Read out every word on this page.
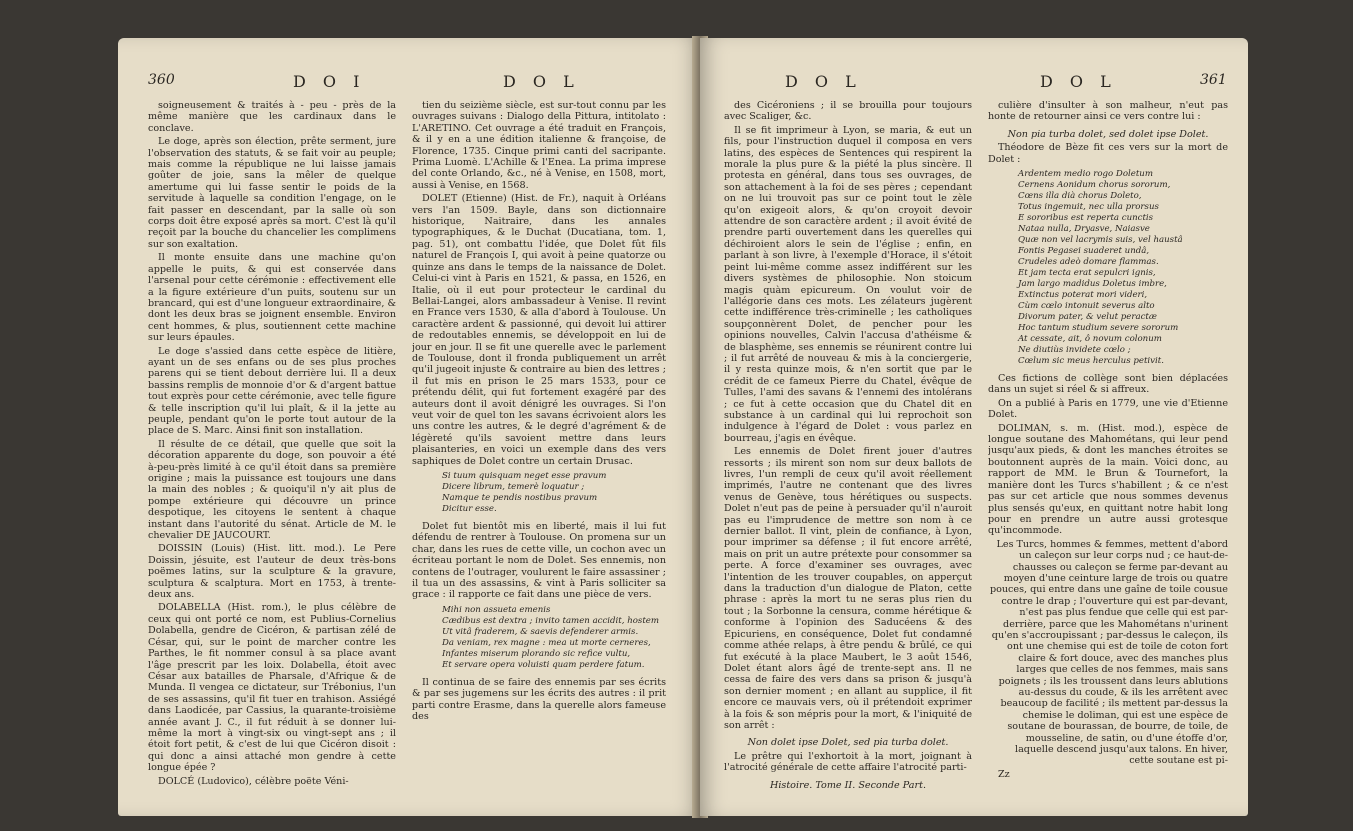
360	D O I	D O L

soigneusement & traités à - peu - près de la même manière que les cardinaux dans le conclave.

Le doge, après son élection, prête serment, jure l'observation des statuts, & se fait voir au peuple; mais comme la république ne lui laisse jamais goûter de joie, sans la mêler de quelque amertume qui lui fasse sentir le poids de la servitude à laquelle sa condition l'engage, on le fait passer en descendant, par la salle où son corps doit être exposé après sa mort. C'est là qu'il reçoit par la bouche du chancelier les complimens sur son exaltation.

Il monte ensuite dans une machine qu'on appelle le puits, & qui est conservée dans l'arsenal pour cette cérémonie : effectivement elle a la figure extérieure d'un puits, soutenu sur un brancard, qui est d'une longueur extraordinaire, & dont les deux bras se joignent ensemble. Environ cent hommes, & plus, soutiennent cette machine sur leurs épaules.

Le doge s'assied dans cette espèce de litière, ayant un de ses enfans ou de ses plus proches parens qui se tient debout derrière lui. Il a deux bassins remplis de monnoie d'or & d'argent battue tout exprès pour cette cérémonie, avec telle figure & telle inscription qu'il lui plaît, & il la jette au peuple, pendant qu'on le porte tout autour de la place de S. Marc. Ainsi finit son installation.

Il résulte de ce détail, que quelle que soit la décoration apparente du doge, son pouvoir a été à-peu-près limité à ce qu'il étoit dans sa première origine ; mais la puissance est toujours une dans la main des nobles ; & quoiqu'il n'y ait plus de pompe extérieure qui découvre un prince despotique, les citoyens le sentent à chaque instant dans l'autorité du sénat. Article de M. le chevalier DE JAUCOURT.

DOISSIN (Louis) (Hist. litt. mod.). Le Pere Doissin, jésuite, est l'auteur de deux très-bons poëmes latins, sur la sculpture & la gravure, sculptura & scalptura. Mort en 1753, à trente-deux ans.

DOLABELLA (Hist. rom.), le plus célèbre de ceux qui ont porté ce nom, est Publius-Cornelius Dolabella, gendre de Cicéron, & partisan zélé de César, qui, sur le point de marcher contre les Parthes, le fit nommer consul à sa place avant l'âge prescrit par les loix. Dolabella, étoit avec César aux batailles de Pharsale, d'Afrique & de Munda. Il vengea ce dictateur, sur Trébonius, l'un de ses assassins, qu'il fit tuer en trahison. Assiégé dans Laodicée, par Cassius, la quarante-troisième année avant J. C., il fut réduit à se donner lui-même la mort à vingt-six ou vingt-sept ans ; il étoit fort petit, & c'est de lui que Cicéron disoit : qui donc a ainsi attaché mon gendre à cette longue épée ?

DOLCÉ (Ludovico), célèbre poëte Véni-

tien du seizième siècle, est sur-tout connu par les ouvrages suivans : Dialogo della Pittura, intitolato : L'ARETINO. Cet ouvrage a été traduit en François, & il y en a une édition italienne & françoise, de Florence, 1735. Cinque primi canti del sacripante. Prima Luomè. L'Achille & l'Enea. La prima imprese del conte Orlando, &c., né à Venise, en 1508, mort, aussi à Venise, en 1568.

DOLET (Etienne) (Hist. de Fr.), naquit à Orléans vers l'an 1509. Bayle, dans son dictionnaire historique, Naitraire, dans les annales typographiques, & le Duchat (Ducatiana, tom. 1, pag. 51), ont combattu l'idée, que Dolet fût fils naturel de François I, qui avoit à peine quatorze ou quinze ans dans le temps de la naissance de Dolet. Celui-ci vint à Paris en 1521, & passa, en 1526, en Italie, où il eut pour protecteur le cardinal du Bellai-Langei, alors ambassadeur à Venise. Il revint en France vers 1530, & alla d'abord à Toulouse. Un caractère ardent & passionné, qui devoit lui attirer de redoutables ennemis, se développoit en lui de jour en jour. Il se fit une querelle avec le parlement de Toulouse, dont il fronda publiquement un arrêt qu'il jugeoit injuste & contraire au bien des lettres ; il fut mis en prison le 25 mars 1533, pour ce prétendu délit, qui fut fortement exagéré par des auteurs dont il avoit dénigré les ouvrages. Si l'on veut voir de quel ton les savans écrivoient alors les uns contre les autres, & le degré d'agrément & de légèreté qu'ils savoient mettre dans leurs plaisanteries, en voici un exemple dans des vers saphiques de Dolet contre un certain Drusac.

Si tuum quisquam neget esse pravum
Dicere librum, temerè loquatur ;
Namque te pendis nostibus pravum
Dicitur esse.

Dolet fut bientôt mis en liberté, mais il lui fut défendu de rentrer à Toulouse. On promena sur un char, dans les rues de cette ville, un cochon avec un écriteau portant le nom de Dolet. Ses ennemis, non contens de l'outrager, voulurent le faire assassiner ; il tua un des assassins, & vint à Paris solliciter sa grace : il rapporte ce fait dans une pièce de vers.

Mihi non assueta emenis
Cædibus est dextra ; invito tamen accidit, hostem
Ut vitâ fraderem, & saevis defenderer armis.
Da veniam, rex magne : mea ut morte cerneres,
Infantes miserum plorando sic refice vultu,
Et servare opera voluisti quam perdere fatum.

Il continua de se faire des ennemis par ses écrits & par ses jugemens sur les écrits des autres : il prit parti contre Erasme, dans la querelle alors fameuse des

D O L	D O L	361

des Cicéroniens ; il se brouilla pour toujours avec Scaliger, &c.

Il se fit imprimeur à Lyon, se maria, & eut un fils, pour l'instruction duquel il composa en vers latins, des espèces de Sentences qui respirent la morale la plus pure & la piété la plus sincère. Il protesta en général, dans tous ses ouvrages, de son attachement à la foi de ses pères ; cependant on ne lui trouvoit pas sur ce point tout le zèle qu'on exigeoit alors, & qu'on croyoit devoir attendre de son caractère ardent ; il avoit évité de prendre parti ouvertement dans les querelles qui déchiroient alors le sein de l'église ; enfin, en parlant à son livre, à l'exemple d'Horace, il s'étoit peint lui-même comme assez indifférent sur les divers systèmes de philosophie. Non stoicum magis quàm epicureum. On voulut voir de l'allégorie dans ces mots. Les zélateurs jugèrent cette indifférence très-criminelle ; les catholiques soupçonnèrent Dolet, de pencher pour les opinions nouvelles, Calvin l'accusa d'athéisme & de blasphème, ses ennemis se réunirent contre lui ; il fut arrêté de nouveau & mis à la conciergerie, il y resta quinze mois, & n'en sortit que par le crédit de ce fameux Pierre du Chatel, évêque de Tulles, l'ami des savans & l'ennemi des intolérans ; ce fut à cette occasion que du Chatel dit en substance à un cardinal qui lui reprochoit son indulgence à l'égard de Dolet : vous parlez en bourreau, j'agis en évêque.

Les ennemis de Dolet firent jouer d'autres ressorts ; ils mirent son nom sur deux ballots de livres, l'un rempli de ceux qu'il avoit réellement imprimés, l'autre ne contenant que des livres venus de Genève, tous hérétiques ou suspects. Dolet n'eut pas de peine à persuader qu'il n'auroit pas eu l'imprudence de mettre son nom à ce dernier ballot. Il vint, plein de confiance, à Lyon, pour imprimer sa défense ; il fut encore arrêté, mais on prit un autre prétexte pour consommer sa perte. A force d'examiner ses ouvrages, avec l'intention de les trouver coupables, on apperçut dans la traduction d'un dialogue de Platon, cette phrase : après la mort tu ne seras plus rien du tout ; la Sorbonne la censura, comme hérétique & conforme à l'opinion des Saducéens & des Epicuriens, en conséquence, Dolet fut condamné comme athée relaps, à être pendu & brûlé, ce qui fut exécuté à la place Maubert, le 3 août 1546, Dolet étant alors âgé de trente-sept ans. Il ne cessa de faire des vers dans sa prison & jusqu'à son dernier moment ; en allant au supplice, il fit encore ce mauvais vers, où il prétendoit exprimer à la fois & son mépris pour la mort, & l'iniquité de son arrêt :

Non dolet ipse Dolet, sed pia turba dolet.

Le prêtre qui l'exhortoit à la mort, joignant à l'atrocité générale de cette affaire l'atrocité parti-

Histoire. Tome II. Seconde Part.

culière d'insulter à son malheur, n'eut pas honte de retourner ainsi ce vers contre lui :

Non pia turba dolet, sed dolet ipse Dolet.

Théodore de Bèze fit ces vers sur la mort de Dolet :

Ardentem medio rogo Doletum
Cernens Aonidum chorus sororum,
Cœns illa dià chorus Doleto,
Totus ingemuit, nec ulla prorsus
E sororibus est reperta cunctis
Nataa nulla, Dryasve, Naiasve
Quæ non vel lacrymis suis, vel haustâ
Fontis Pegasei suaderet undâ,
Crudeles adeò domare flammas.
Et jam tecta erat sepulcri ignis,
Jam largo madidus Doletus imbre,
Extinctus poterat mori videri,
Cùm cœlo intonuit severus alto
Divorum pater, & velut peractæ
Hoc tantum studium severe sororum
At cessate, ait, ô novum colonum
Ne diutiùs invidete cœlo ;
Cœlum sic meus herculus petivit.

Ces fictions de collège sont bien déplacées dans un sujet si réel & si affreux.

On a publié à Paris en 1779, une vie d'Etienne Dolet.

DOLIMAN, s. m. (Hist. mod.), espèce de longue soutane des Mahométans, qui leur pend jusqu'aux pieds, & dont les manches étroites se boutonnent auprès de la main. Voici donc, au rapport de MM. le Brun & Tournefort, la manière dont les Turcs s'habillent ; & ce n'est pas sur cet article que nous sommes devenus plus sensés qu'eux, en quittant notre habit long pour en prendre un autre aussi grotesque qu'incommode.

Les Turcs, hommes & femmes, mettent d'abord un caleçon sur leur corps nud ; ce haut-de-chausses ou caleçon se ferme par-devant au moyen d'une ceinture large de trois ou quatre pouces, qui entre dans une gaîne de toile cousue contre le drap ; l'ouverture qui est par-devant, n'est pas plus fendue que celle qui est par-derrière, parce que les Mahométans n'urinent qu'en s'accroupissant ; par-dessus le caleçon, ils ont une chemise qui est de toile de coton fort claire & fort douce, avec des manches plus larges que celles de nos femmes, mais sans poignets ; ils les troussent dans leurs ablutions au-dessus du coude, & ils les arrêtent avec beaucoup de facilité ; ils mettent par-dessus la chemise le doliman, qui est une espèce de soutane de bourassan, de bourre, de toile, de mousseline, de satin, ou d'une étoffe d'or, laquelle descend jusqu'aux talons. En hiver, cette soutane est pi-

Zz
